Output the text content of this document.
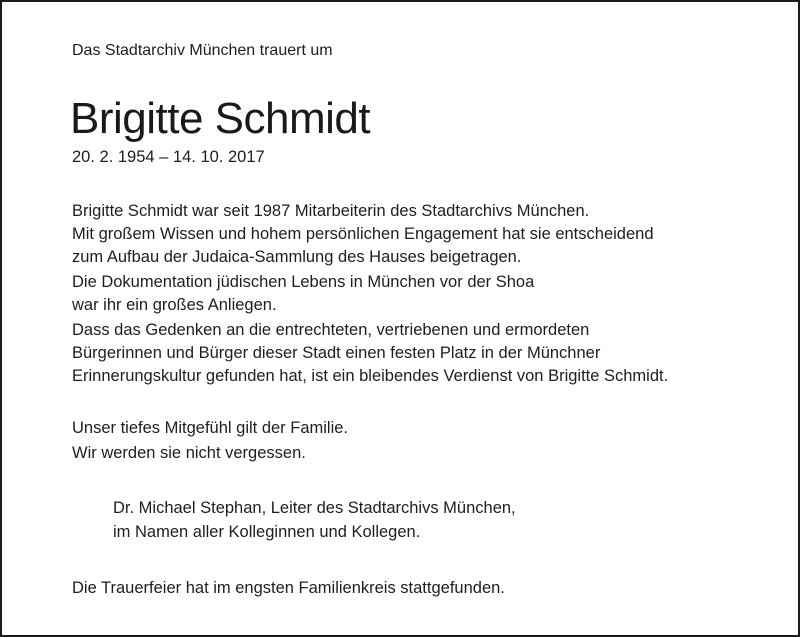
Das Stadtarchiv München trauert um
Brigitte Schmidt
20. 2. 1954 – 14. 10. 2017
Brigitte Schmidt war seit 1987 Mitarbeiterin des Stadtarchivs München.
Mit großem Wissen und hohem persönlichen Engagement hat sie entscheidend
zum Aufbau der Judaica-Sammlung des Hauses beigetragen.
Die Dokumentation jüdischen Lebens in München vor der Shoa
war ihr ein großes Anliegen.
Dass das Gedenken an die entrechteten, vertriebenen und ermordeten
Bürgerinnen und Bürger dieser Stadt einen festen Platz in der Münchner
Erinnerungskultur gefunden hat, ist ein bleibendes Verdienst von Brigitte Schmidt.
Unser tiefes Mitgefühl gilt der Familie.
Wir werden sie nicht vergessen.
Dr. Michael Stephan, Leiter des Stadtarchivs München,
im Namen aller Kolleginnen und Kollegen.
Die Trauerfeier hat im engsten Familienkreis stattgefunden.
